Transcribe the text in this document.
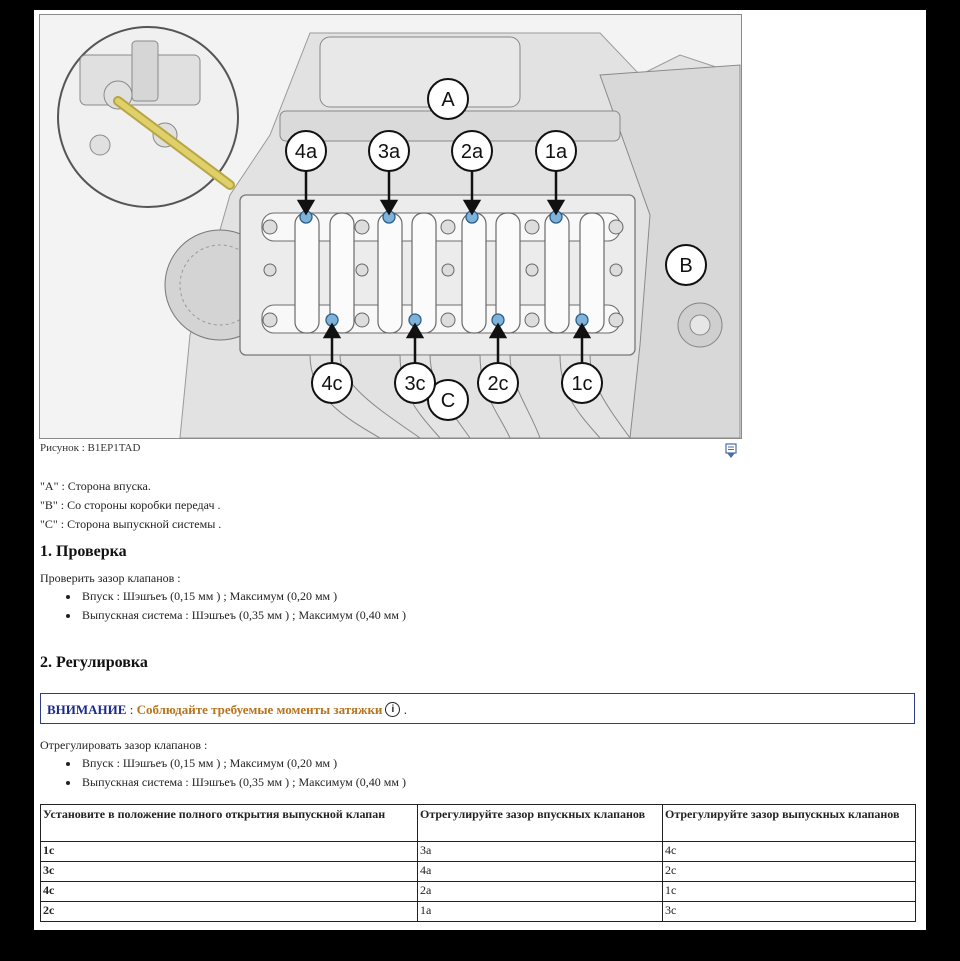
A
B
C
4a	3a	2a	1a
4c	3c	2c	1c
Рисунок : B1EP1TAD
"A" : Сторона впуска.
"B" : Со стороны коробки передач .
"C" : Сторона выпускной системы .
1. Проверка
Проверить зазор клапанов :
• Впуск : Шэшъеъ (0,15 мм ) ; Максимум (0,20 мм )
• Выпускная система : Шэшъеъ (0,35 мм ) ; Максимум (0,40 мм )
2. Регулировка
ВНИМАНИЕ : Соблюдайте требуемые моменты затяжки i .
Отрегулировать зазор клапанов :
• Впуск : Шэшъеъ (0,15 мм ) ; Максимум (0,20 мм )
• Выпускная система : Шэшъеъ (0,35 мм ) ; Максимум (0,40 мм )
Установите в положение полного открытия выпускной клапан	Отрегулируйте зазор впускных клапанов	Отрегулируйте зазор выпускных клапанов
1c	3a	4c
3c	4a	2c
4c	2a	1c
2c	1a	3c
